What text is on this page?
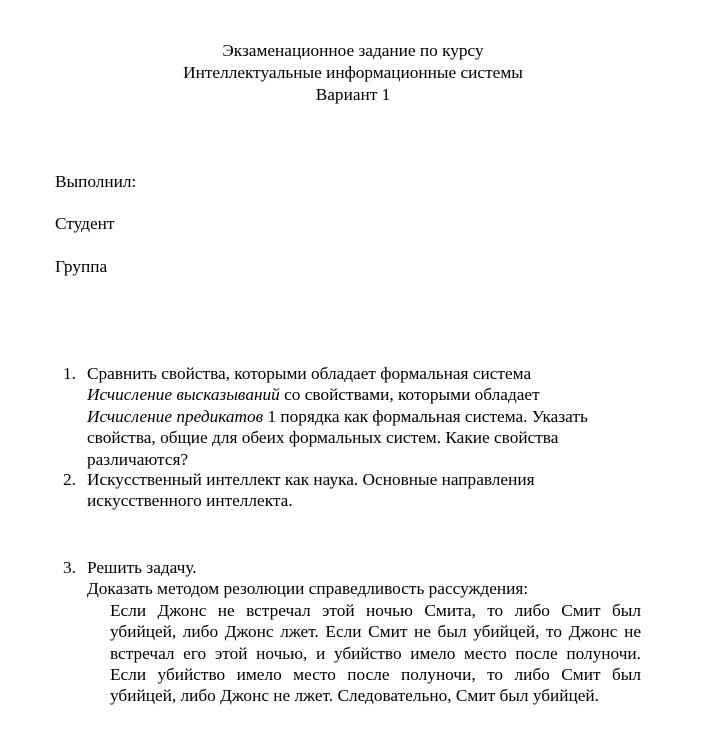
Экзаменационное задание по курсу
Интеллектуальные информационные системы
Вариант 1
Выполнил:
Студент
Группа
1. Сравнить свойства, которыми обладает формальная система
Исчисление высказываний со свойствами, которыми обладает
Исчисление предикатов 1 порядка как формальная система. Указать
свойства, общие для обеих формальных систем. Какие свойства
различаются?
2. Искусственный интеллект как наука. Основные направления
искусственного интеллекта.
3. Решить задачу.
Доказать методом резолюции справедливость рассуждения:
Если Джонс не встречал этой ночью Смита, то либо Смит был
убийцей, либо Джонс лжет. Если Смит не был убийцей, то Джонс не
встречал его этой ночью, и убийство имело место после полуночи.
Если убийство имело место после полуночи, то либо Смит был
убийцей, либо Джонс не лжет. Следовательно, Смит был убийцей.
